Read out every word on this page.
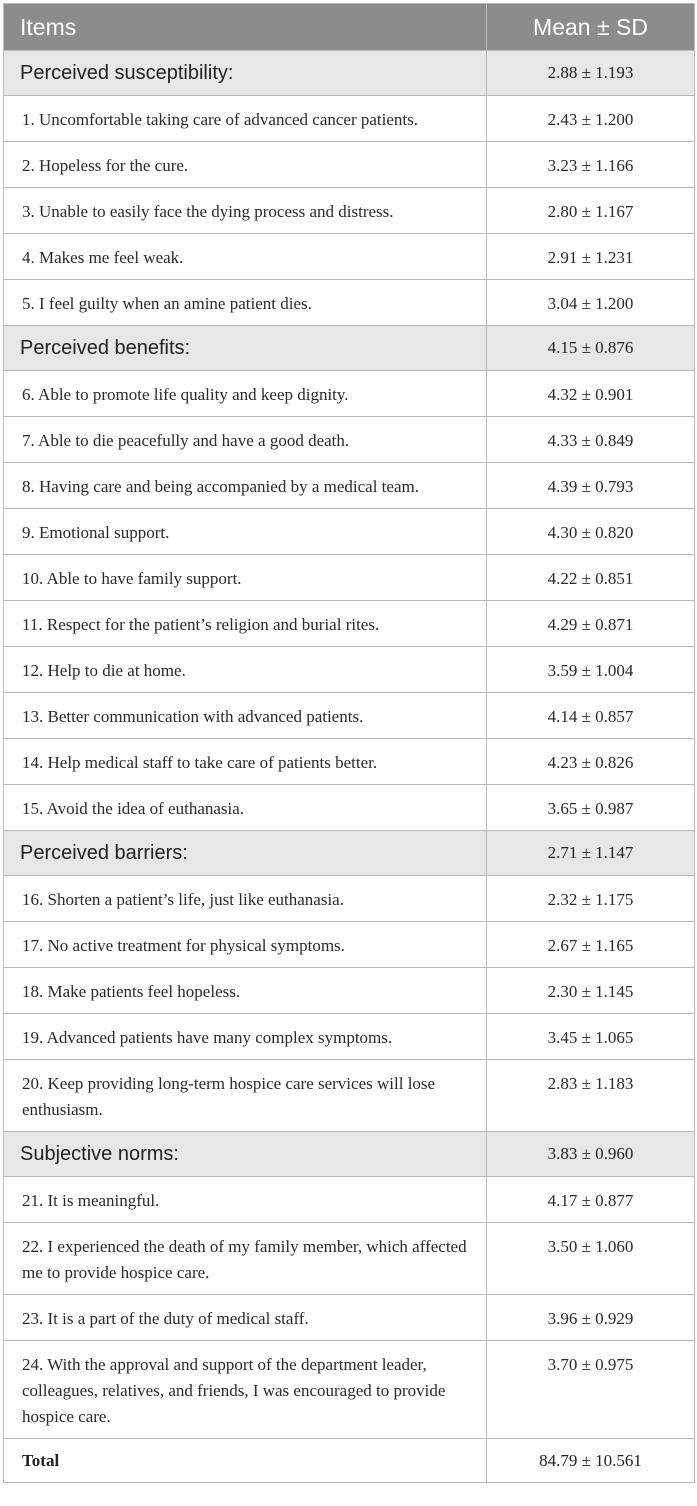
Items	Mean ± SD
Perceived susceptibility:	2.88 ± 1.193
1. Uncomfortable taking care of advanced cancer patients.	2.43 ± 1.200
2. Hopeless for the cure.	3.23 ± 1.166
3. Unable to easily face the dying process and distress.	2.80 ± 1.167
4. Makes me feel weak.	2.91 ± 1.231
5. I feel guilty when an amine patient dies.	3.04 ± 1.200
Perceived benefits:	4.15 ± 0.876
6. Able to promote life quality and keep dignity.	4.32 ± 0.901
7. Able to die peacefully and have a good death.	4.33 ± 0.849
8. Having care and being accompanied by a medical team.	4.39 ± 0.793
9. Emotional support.	4.30 ± 0.820
10. Able to have family support.	4.22 ± 0.851
11. Respect for the patient’s religion and burial rites.	4.29 ± 0.871
12. Help to die at home.	3.59 ± 1.004
13. Better communication with advanced patients.	4.14 ± 0.857
14. Help medical staff to take care of patients better.	4.23 ± 0.826
15. Avoid the idea of euthanasia.	3.65 ± 0.987
Perceived barriers:	2.71 ± 1.147
16. Shorten a patient’s life, just like euthanasia.	2.32 ± 1.175
17. No active treatment for physical symptoms.	2.67 ± 1.165
18. Make patients feel hopeless.	2.30 ± 1.145
19. Advanced patients have many complex symptoms.	3.45 ± 1.065
20. Keep providing long-term hospice care services will lose enthusiasm.	2.83 ± 1.183
Subjective norms:	3.83 ± 0.960
21. It is meaningful.	4.17 ± 0.877
22. I experienced the death of my family member, which affected me to provide hospice care.	3.50 ± 1.060
23. It is a part of the duty of medical staff.	3.96 ± 0.929
24. With the approval and support of the department leader, colleagues, relatives, and friends, I was encouraged to provide hospice care.	3.70 ± 0.975
Total	84.79 ± 10.561
